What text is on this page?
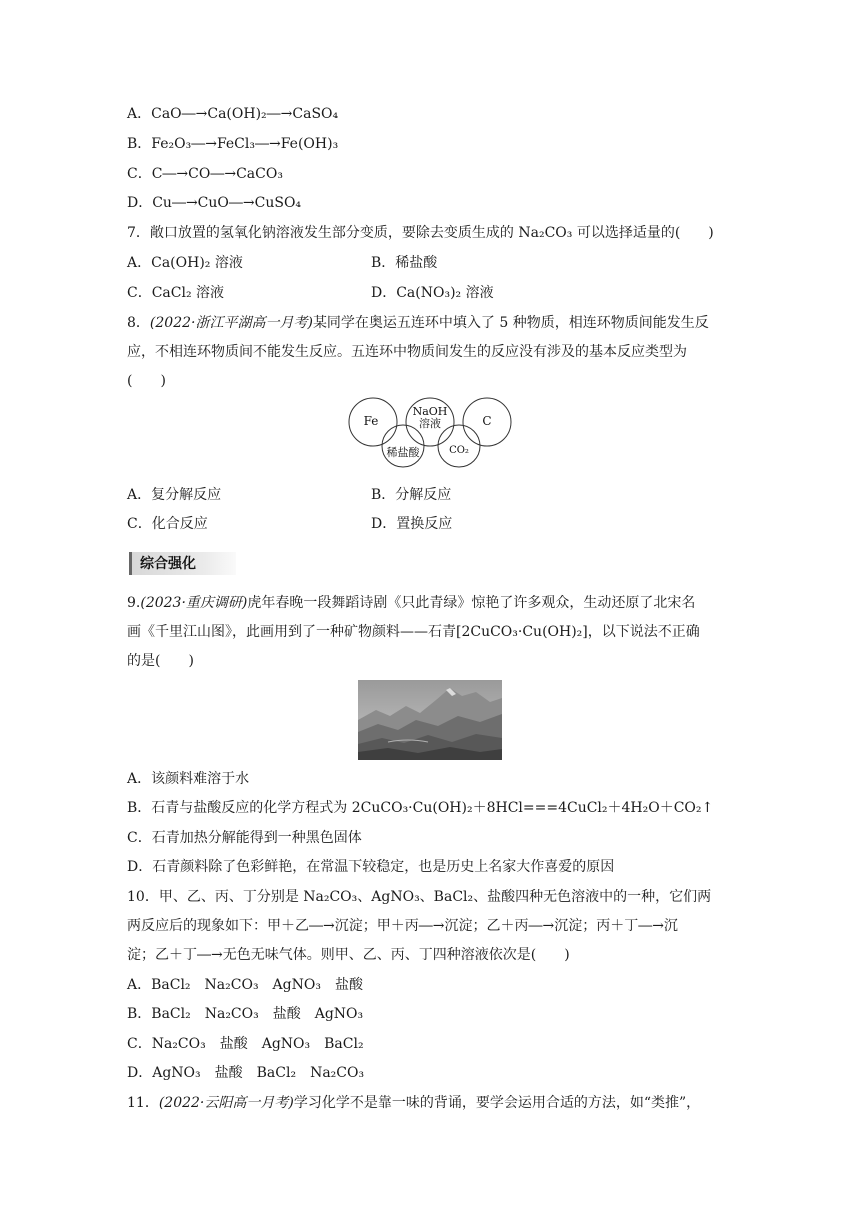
A．CaO―→Ca(OH)₂―→CaSO₄
B．Fe₂O₃―→FeCl₃―→Fe(OH)₃
C．C―→CO―→CaCO₃
D．Cu―→CuO―→CuSO₄
7．敞口放置的氢氧化钠溶液发生部分变质，要除去变质生成的 Na₂CO₃ 可以选择适量的(　　)
A．Ca(OH)₂ 溶液	B．稀盐酸
C．CaCl₂ 溶液	D．Ca(NO₃)₂ 溶液
8．(2022·浙江平湖高一月考)某同学在奥运五连环中填入了 5 种物质，相连环物质间能发生反
应，不相连环物质间不能发生反应。五连环中物质间发生的反应没有涉及的基本反应类型为
(　　)
Fe
NaOH
溶液	C
稀盐酸	CO₂
A．复分解反应	B．分解反应
C．化合反应	D．置换反应
综合强化
9.(2023·重庆调研)虎年春晚一段舞蹈诗剧《只此青绿》惊艳了许多观众，生动还原了北宋名
画《千里江山图》，此画用到了一种矿物颜料——石青[2CuCO₃·Cu(OH)₂]，以下说法不正确
的是(　　)
A．该颜料难溶于水
B．石青与盐酸反应的化学方程式为 2CuCO₃·Cu(OH)₂＋8HCl===4CuCl₂＋4H₂O＋CO₂↑
C．石青加热分解能得到一种黑色固体
D．石青颜料除了色彩鲜艳，在常温下较稳定，也是历史上名家大作喜爱的原因
10．甲、乙、丙、丁分别是 Na₂CO₃、AgNO₃、BaCl₂、盐酸四种无色溶液中的一种，它们两
两反应后的现象如下：甲＋乙―→沉淀；甲＋丙―→沉淀；乙＋丙―→沉淀；丙＋丁―→沉
淀；乙＋丁―→无色无味气体。则甲、乙、丙、丁四种溶液依次是(　　)
A．BaCl₂　Na₂CO₃　AgNO₃　盐酸
B．BaCl₂　Na₂CO₃　盐酸　AgNO₃
C．Na₂CO₃　盐酸　AgNO₃　BaCl₂
D．AgNO₃　盐酸　BaCl₂　Na₂CO₃
11．(2022·云阳高一月考)学习化学不是靠一味的背诵，要学会运用合适的方法，如“类推”，
